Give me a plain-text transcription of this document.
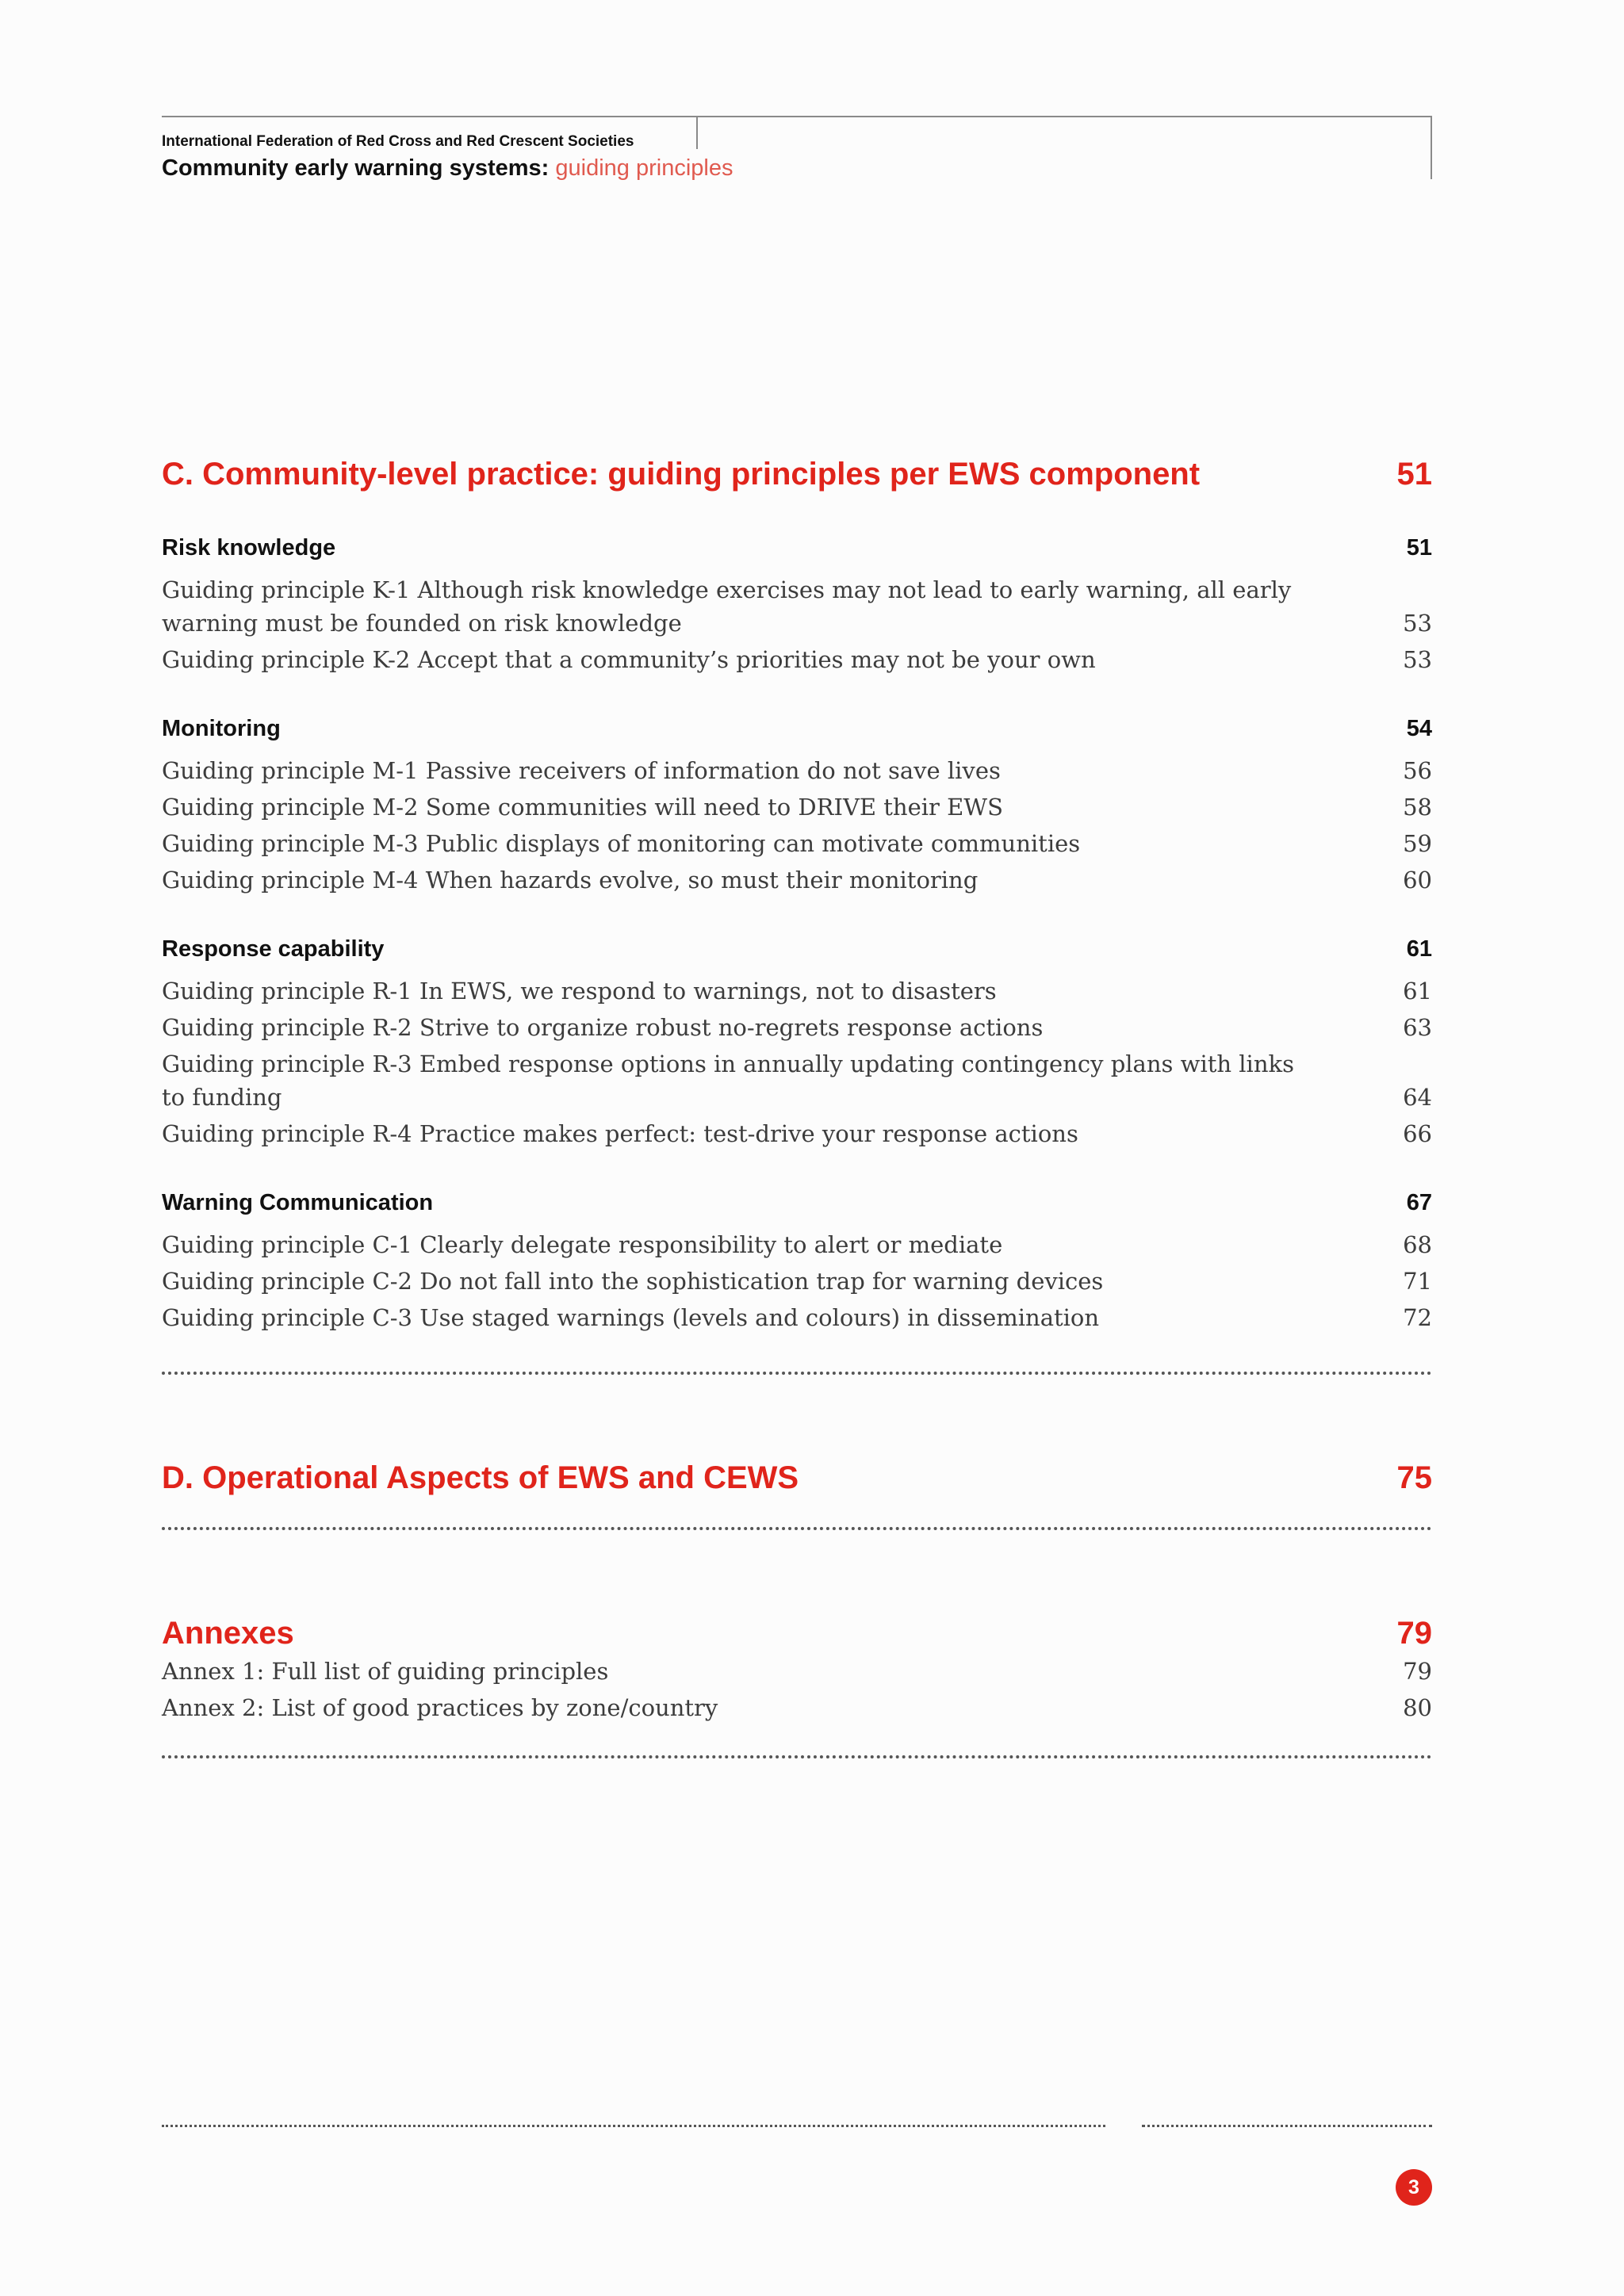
International Federation of Red Cross and Red Crescent Societies
Community early warning systems: guiding principles
C. Community-level practice: guiding principles per EWS component	51
Risk knowledge	51
Guiding principle K-1 Although risk knowledge exercises may not lead to early warning, all early warning must be founded on risk knowledge	53
Guiding principle K-2 Accept that a community’s priorities may not be your own	53
Monitoring	54
Guiding principle M-1 Passive receivers of information do not save lives	56
Guiding principle M-2 Some communities will need to DRIVE their EWS	58
Guiding principle M-3 Public displays of monitoring can motivate communities	59
Guiding principle M-4 When hazards evolve, so must their monitoring	60
Response capability	61
Guiding principle R-1 In EWS, we respond to warnings, not to disasters	61
Guiding principle R-2 Strive to organize robust no-regrets response actions	63
Guiding principle R-3 Embed response options in annually updating contingency plans with links to funding	64
Guiding principle R-4 Practice makes perfect: test-drive your response actions	66
Warning Communication	67
Guiding principle C-1 Clearly delegate responsibility to alert or mediate	68
Guiding principle C-2 Do not fall into the sophistication trap for warning devices	71
Guiding principle C-3 Use staged warnings (levels and colours) in dissemination	72
D. Operational Aspects of EWS and CEWS	75
Annexes	79
Annex 1: Full list of guiding principles	79
Annex 2: List of good practices by zone/country	80
3
